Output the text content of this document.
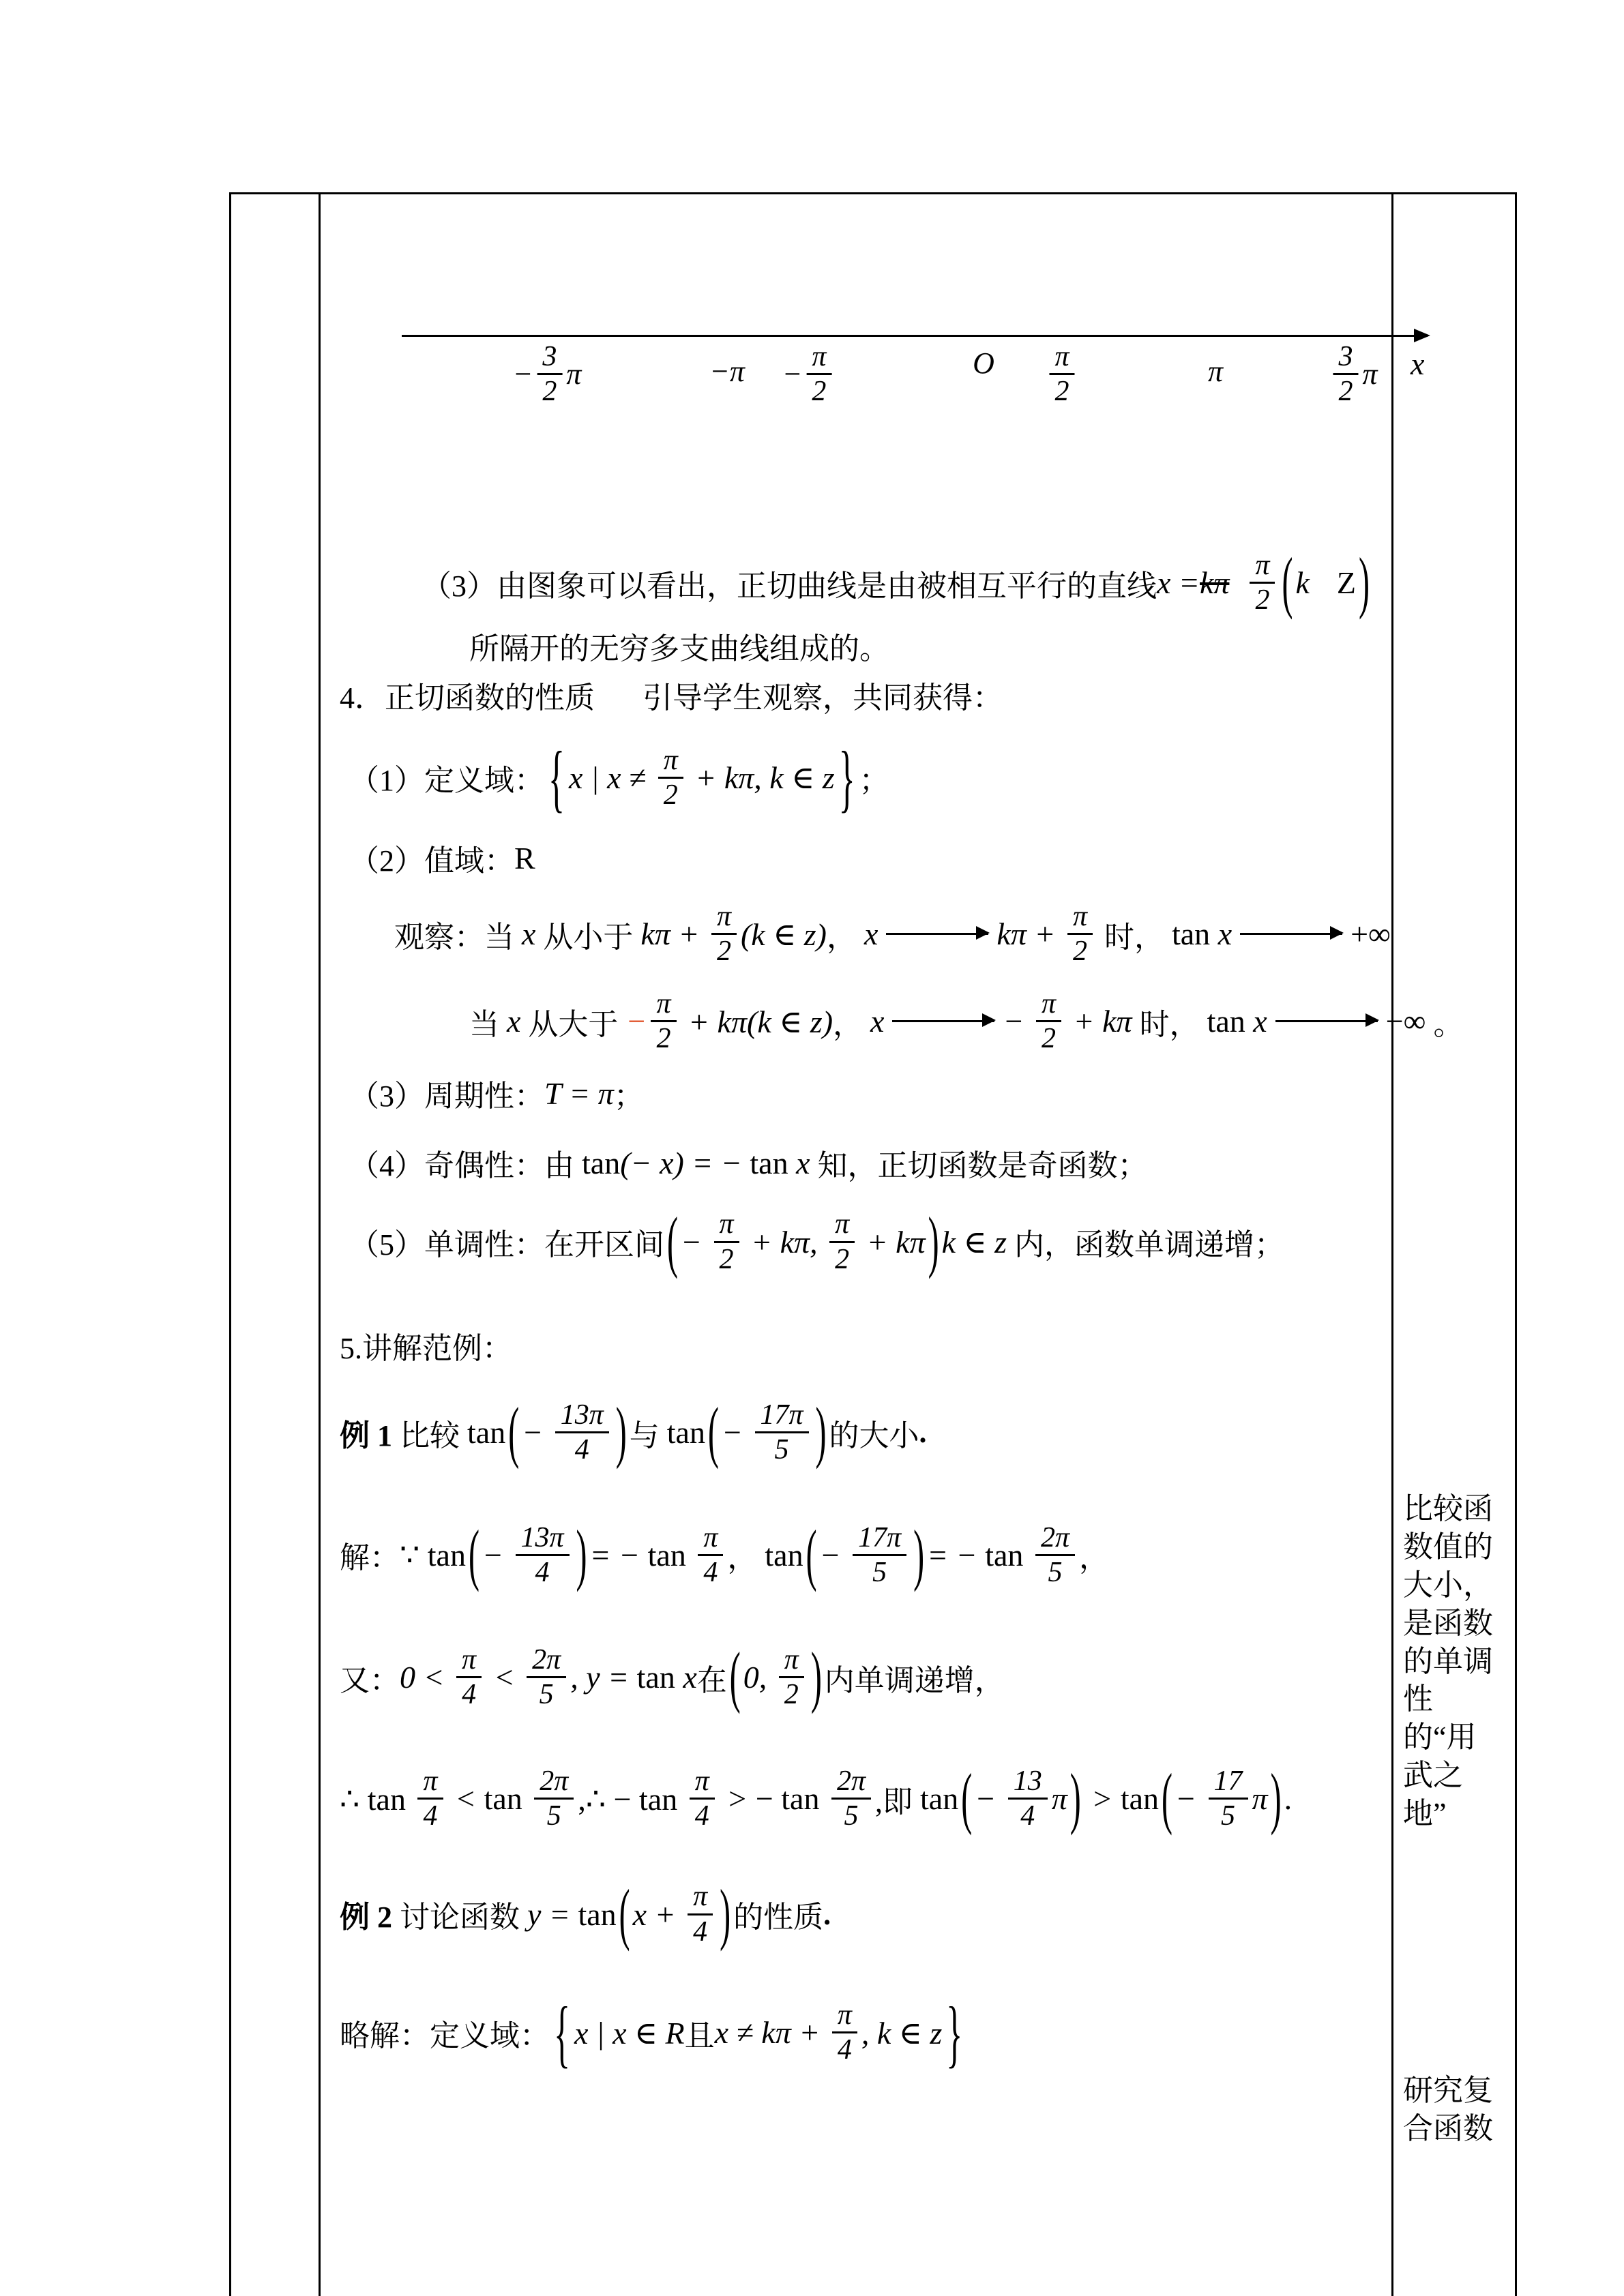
x
− $\frac{3}{2}$ π	$-\pi - \frac{\pi}{2}$	O $\frac{\pi}{2}$	π	$\frac{3}{2}$ π
（3）由图象可以看出，正切曲线是由被相互平行的直线 x = kπ $\frac{\pi}{2}$ ( k Z )
所隔开的无穷多支曲线组成的。
4．正切函数的性质 引导学生观察，共同获得：
（1）定义域： { x | $x \ne \frac{\pi}{2} + k\pi$, k ∈ z } ；
（2）值域： R
观察：当 x 从小于 $k\pi + \frac{\pi}{2} (k$ ∈ z) ， x	$k\pi + \frac{\pi}{2}$ 时， tan x	+∞
当 x 从大于 − $\frac{\pi}{2} + k\pi(k$ ∈ z) ， x	− $\frac{\pi}{2} + k\pi$ 时， tan x	−∞ 。
（3）周期性： T = π ；
（4）奇偶性：由 tan (− x) = − tan x 知，正切函数是奇函数；
（5）单调性：在开区间 ( − $\frac{\pi}{2} + k\pi$, $\frac{\pi}{2} + k\pi$ ) k ∈ z 内，函数单调递增；
5.讲解范例：
例 1 比较 tan ( − $\frac{13\pi}{4}$ ) 与 tan ( − $\frac{17\pi}{5}$ ) 的大小 .
解： ∵ tan ( − $\frac{13\pi}{4}$ ) = − $\tan \frac{\pi}{4}$ ， tan ( − $\frac{17\pi}{5}$ ) = − $\tan \frac{2\pi}{5}$ ，
又： $0 < \frac{\pi}{4} < \frac{2\pi}{5}$ , y = tan x 在 ( 0, $\frac{\pi}{2}$ ) 内单调递增，
∴ $\tan \frac{\pi}{4} < \tan \frac{2\pi}{5}$ ,∴ − $\tan \frac{\pi}{4}$ > − $\tan \frac{2\pi}{5}$ ,即 tan ( − $\frac{13}{4}$ π ) > tan ( − $\frac{17}{5}$ π ) .
例 2 讨论函数 y = tan ( $x + \frac{\pi}{4}$ ) 的性质 .
略解：定义域： { x | x ∈ R 且 $x \ne k\pi + \frac{\pi}{4}$ , k ∈ z }

比较函数值的大小，是函数的单调性的“用武之地”

研究复合函数
